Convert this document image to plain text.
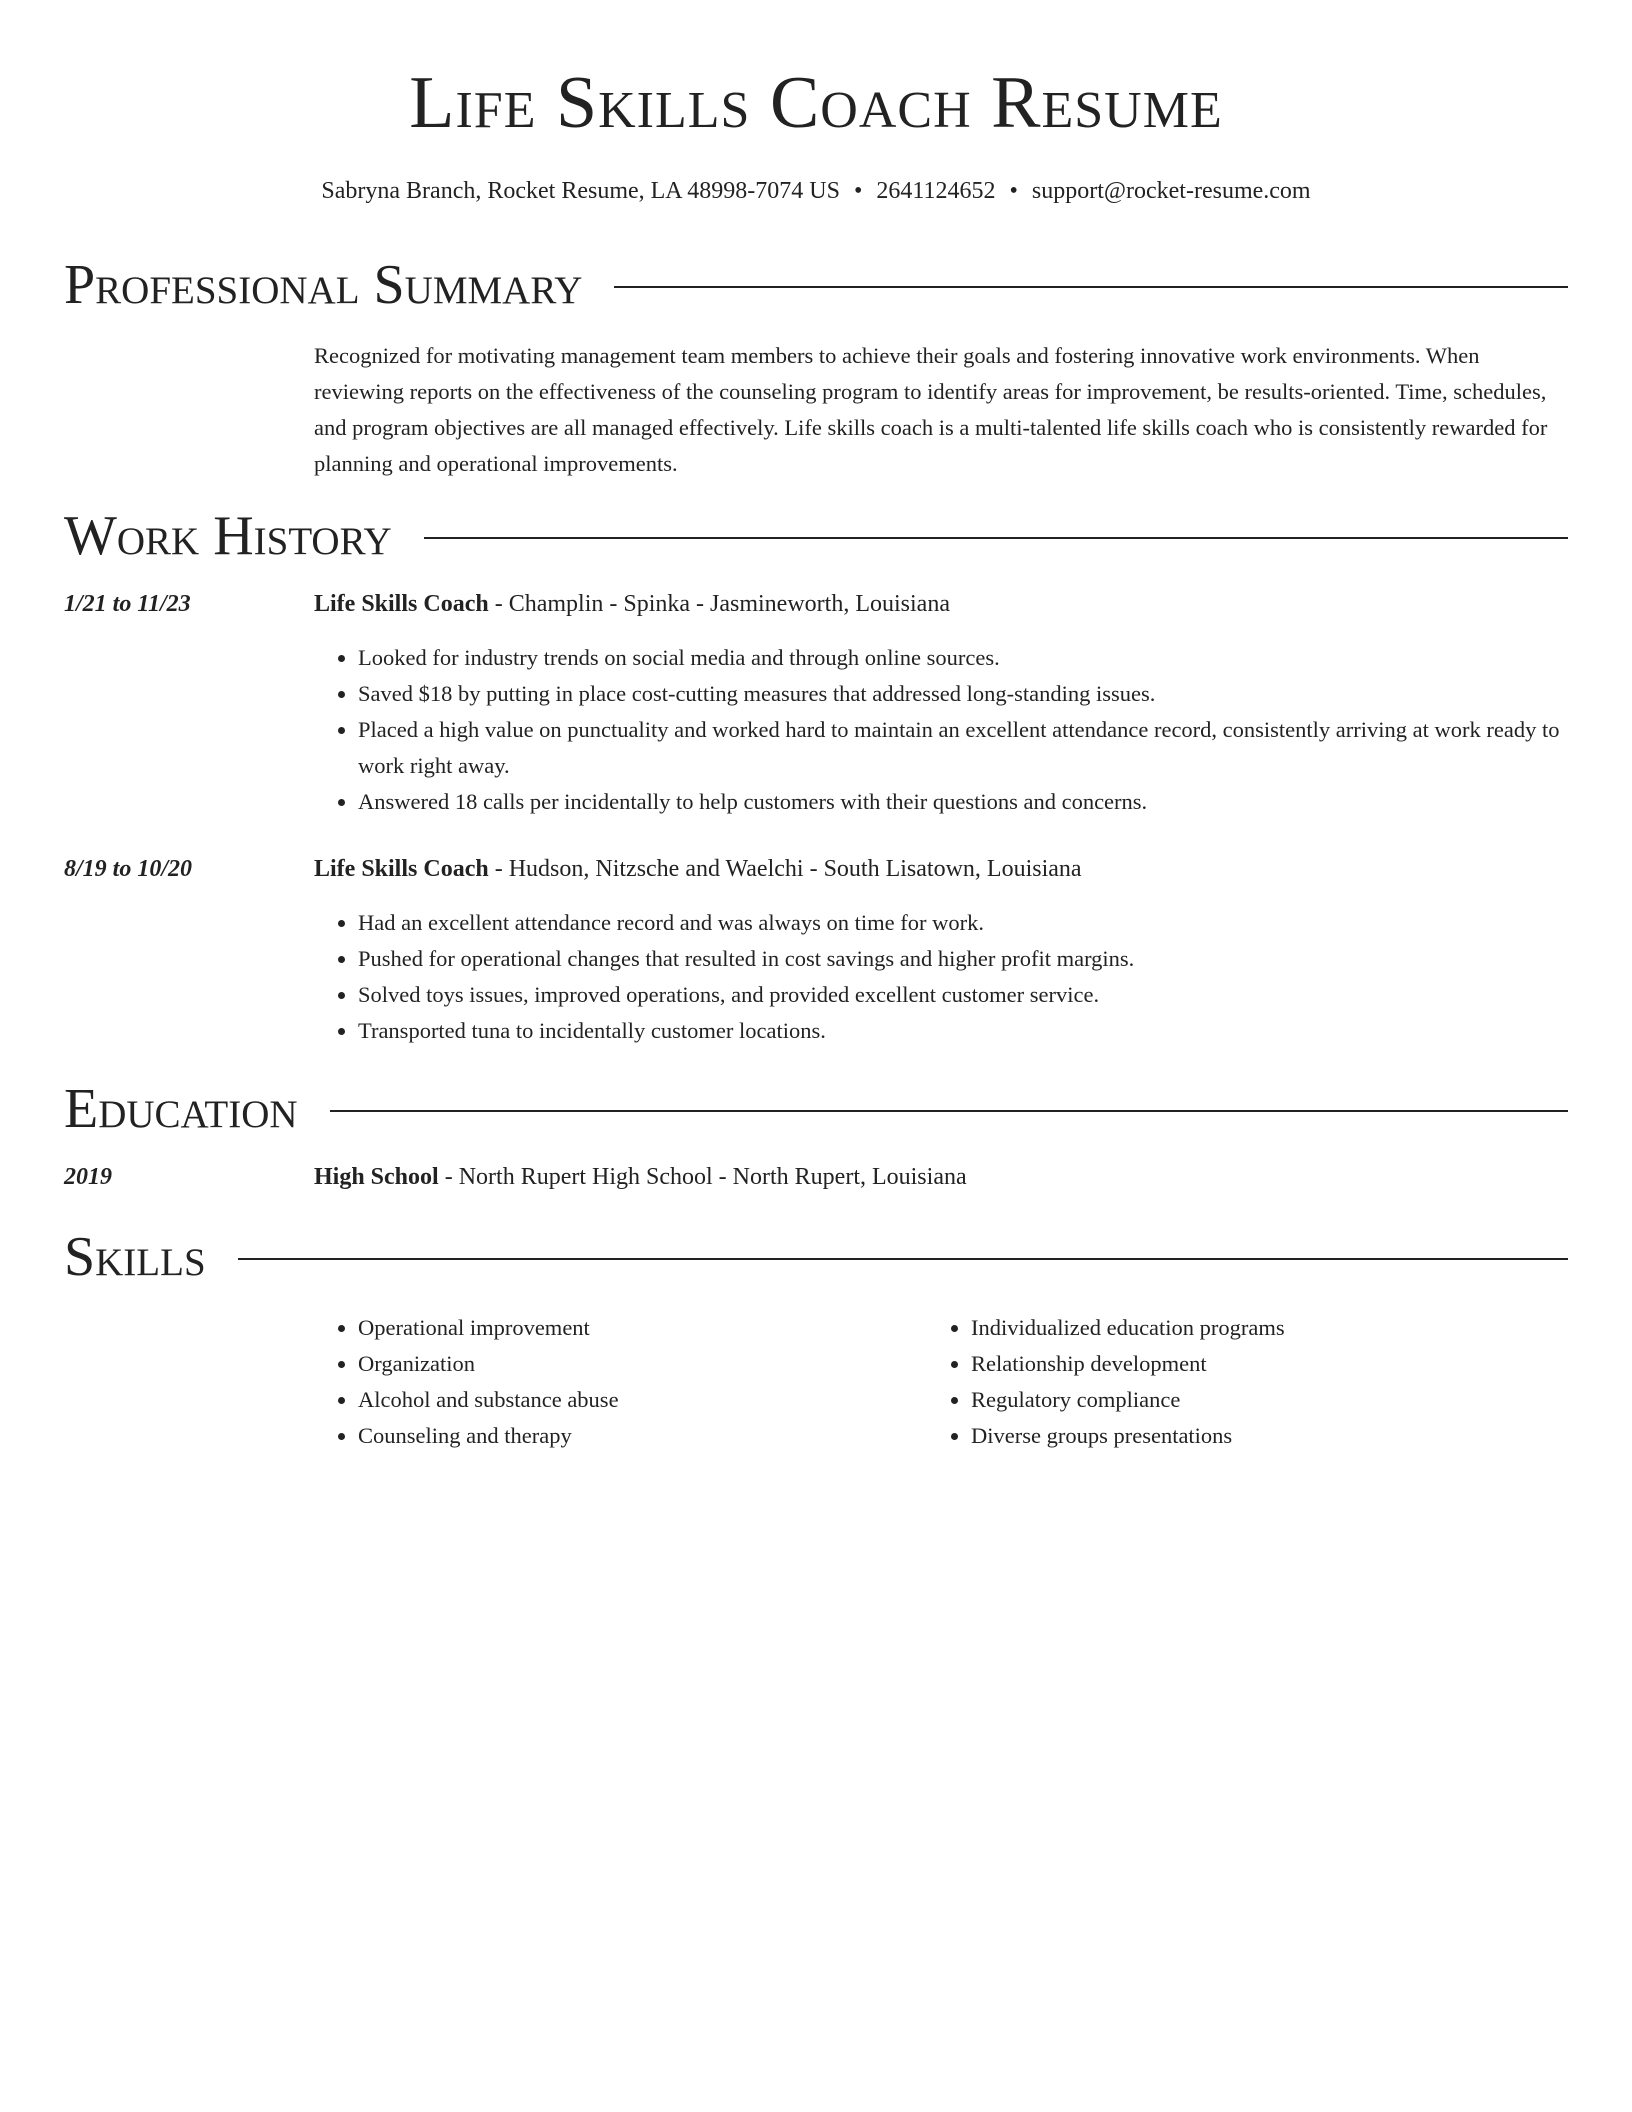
Life Skills Coach Resume

Sabryna Branch, Rocket Resume, LA 48998-7074 US • 2641124652 • support@rocket-resume.com

Professional Summary

Recognized for motivating management team members to achieve their goals and fostering innovative work environments. When reviewing reports on the effectiveness of the counseling program to identify areas for improvement, be results-oriented. Time, schedules, and program objectives are all managed effectively. Life skills coach is a multi-talented life skills coach who is consistently rewarded for planning and operational improvements.

Work History
1/21 to 11/23	Life Skills Coach - Champlin - Spinka - Jasmineworth, Louisiana
• Looked for industry trends on social media and through online sources.
• Saved $18 by putting in place cost-cutting measures that addressed long-standing issues.
• Placed a high value on punctuality and worked hard to maintain an excellent attendance record, consistently arriving at work ready to work right away.
• Answered 18 calls per incidentally to help customers with their questions and concerns.
8/19 to 10/20	Life Skills Coach - Hudson, Nitzsche and Waelchi - South Lisatown, Louisiana
• Had an excellent attendance record and was always on time for work.
• Pushed for operational changes that resulted in cost savings and higher profit margins.
• Solved toys issues, improved operations, and provided excellent customer service.
• Transported tuna to incidentally customer locations.
Education
2019	High School - North Rupert High School - North Rupert, Louisiana
Skills
• Operational improvement
• Organization
• Alcohol and substance abuse
• Counseling and therapy
• Individualized education programs
• Relationship development
• Regulatory compliance
• Diverse groups presentations
